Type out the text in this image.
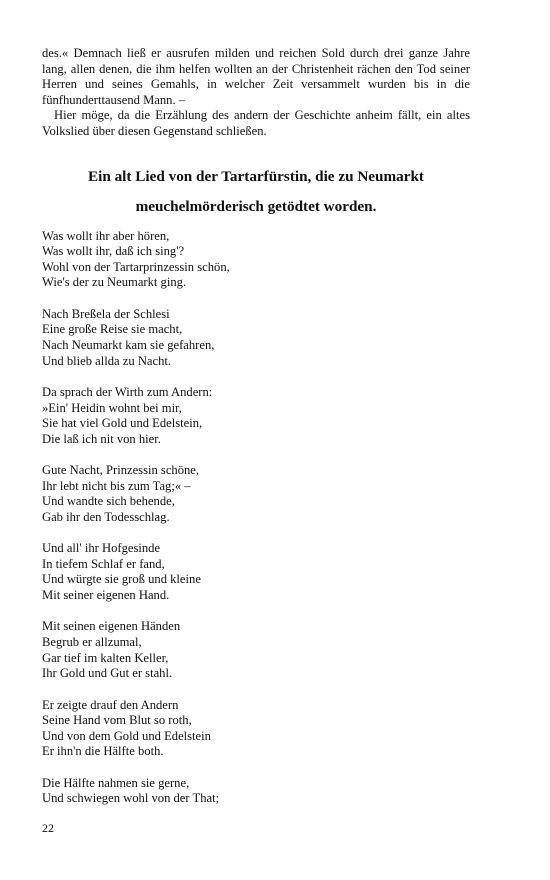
des.« Demnach ließ er ausrufen milden und reichen Sold durch drei ganze Jahre lang, allen denen, die ihm helfen wollten an der Christenheit rächen den Tod seiner Herren und seines Gemahls, in welcher Zeit versammelt wurden bis in die fünfhunderttausend Mann. –

Hier möge, da die Erzählung des andern der Geschichte anheim fällt, ein altes Volkslied über diesen Gegenstand schließen.

Ein alt Lied von der Tartarfürstin, die zu Neumarkt
meuchelmörderisch getödtet worden.
Was wollt ihr aber hören,
Was wollt ihr, daß ich sing'?
Wohl von der Tartarprinzessin schön,
Wie's der zu Neumarkt ging.
Nach Breßela der Schlesi
Eine große Reise sie macht,
Nach Neumarkt kam sie gefahren,
Und blieb allda zu Nacht.
Da sprach der Wirth zum Andern:
»Ein' Heidin wohnt bei mir,
Sie hat viel Gold und Edelstein,
Die laß ich nit von hier.
Gute Nacht, Prinzessin schöne,
Ihr lebt nicht bis zum Tag;« –
Und wandte sich behende,
Gab ihr den Todesschlag.
Und all' ihr Hofgesinde
In tiefem Schlaf er fand,
Und würgte sie groß und kleine
Mit seiner eigenen Hand.
Mit seinen eigenen Händen
Begrub er allzumal,
Gar tief im kalten Keller,
Ihr Gold und Gut er stahl.
Er zeigte drauf den Andern
Seine Hand vom Blut so roth,
Und von dem Gold und Edelstein
Er ihn'n die Hälfte both.
Die Hälfte nahmen sie gerne,
Und schwiegen wohl von der That;
22
